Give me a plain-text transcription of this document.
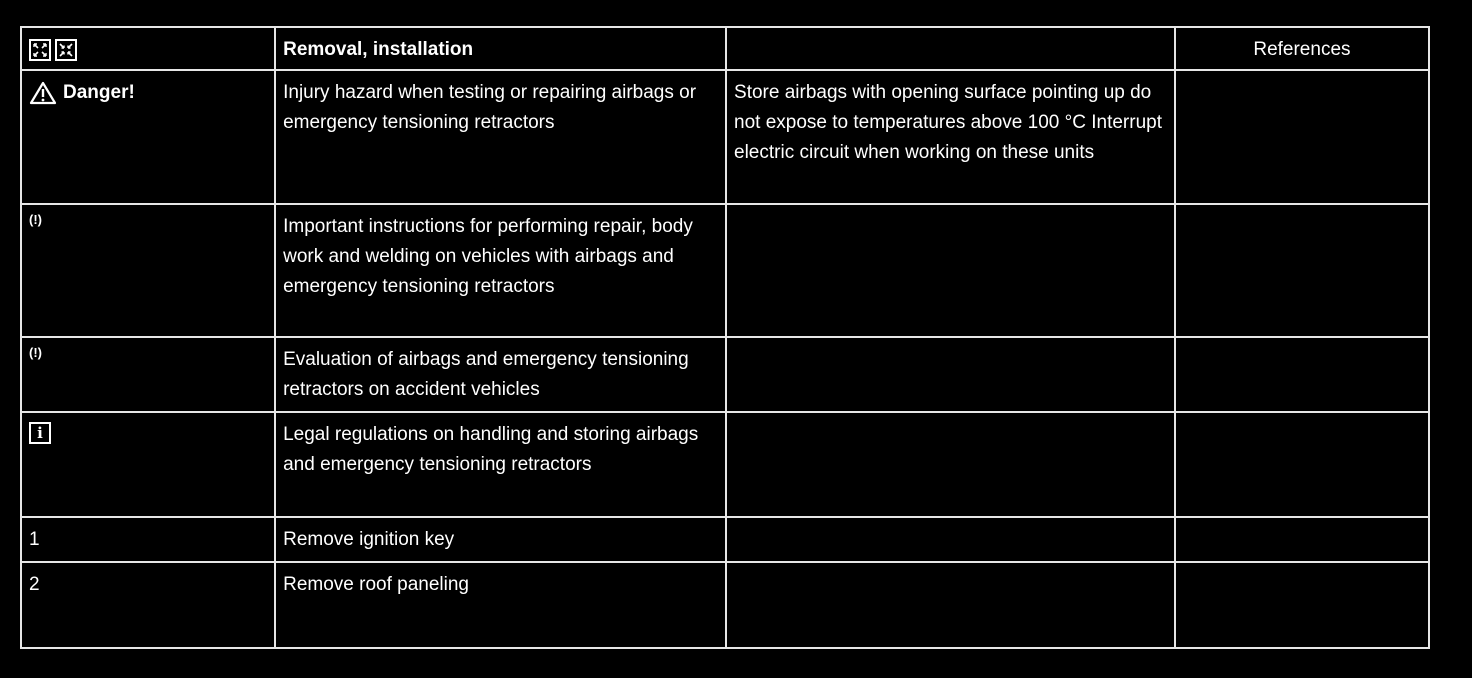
	Removal, installation		References

Danger!	Injury hazard when testing or repairing airbags or emergency tensioning retractors	Store airbags with opening surface pointing up do not expose to temperatures above 100 °C Interrupt electric circuit when working on these units	
(!)	Important instructions for performing repair, body work and welding on vehicles with airbags and emergency tensioning retractors		
(!)	Evaluation of airbags and emergency tensioning retractors on accident vehicles		
i	Legal regulations on handling and storing airbags and emergency tensioning retractors		
1	Remove ignition key		
2	Remove roof paneling		
